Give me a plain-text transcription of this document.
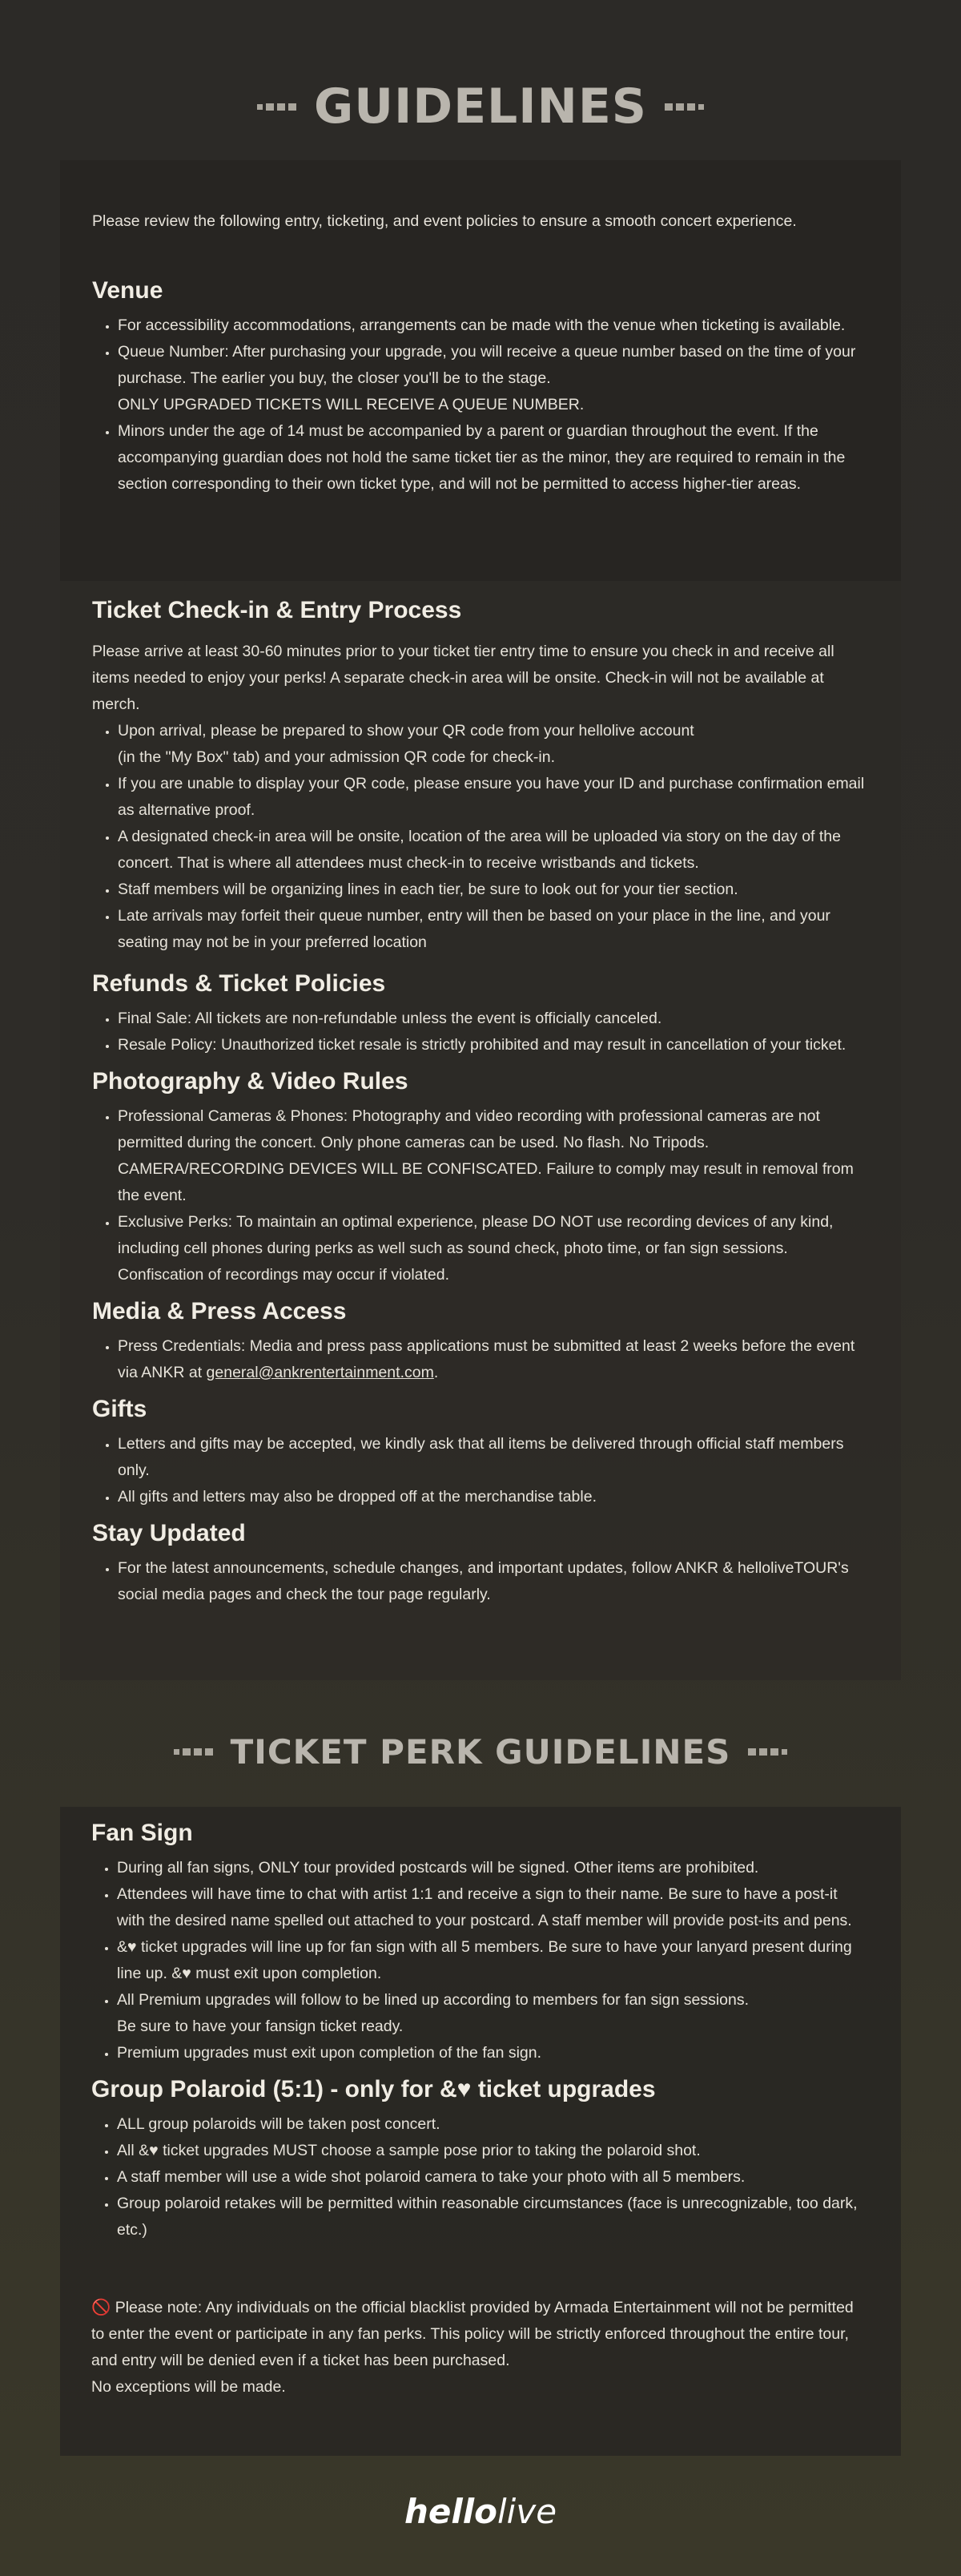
GUIDELINES

Please review the following entry, ticketing, and event policies to ensure a smooth concert experience.

Venue
• For accessibility accommodations, arrangements can be made with the venue when ticketing is available.
• Queue Number: After purchasing your upgrade, you will receive a queue number based on the time of your purchase. The earlier you buy, the closer you'll be to the stage.
ONLY UPGRADED TICKETS WILL RECEIVE A QUEUE NUMBER.
• Minors under the age of 14 must be accompanied by a parent or guardian throughout the event. If the accompanying guardian does not hold the same ticket tier as the minor, they are required to remain in the section corresponding to their own ticket type, and will not be permitted to access higher-tier areas.
Ticket Check-in & Entry Process

Please arrive at least 30-60 minutes prior to your ticket tier entry time to ensure you check in and receive all items needed to enjoy your perks! A separate check-in area will be onsite. Check-in will not be available at merch.

• Upon arrival, please be prepared to show your QR code from your hellolive account
(in the "My Box" tab) and your admission QR code for check-in.
• If you are unable to display your QR code, please ensure you have your ID and purchase confirmation email as alternative proof.
• A designated check-in area will be onsite, location of the area will be uploaded via story on the day of the concert. That is where all attendees must check-in to receive wristbands and tickets.
• Staff members will be organizing lines in each tier, be sure to look out for your tier section.
• Late arrivals may forfeit their queue number, entry will then be based on your place in the line, and your seating may not be in your preferred location
Refunds & Ticket Policies
• Final Sale: All tickets are non-refundable unless the event is officially canceled.
• Resale Policy: Unauthorized ticket resale is strictly prohibited and may result in cancellation of your ticket.
Photography & Video Rules
• Professional Cameras & Phones: Photography and video recording with professional cameras are not permitted during the concert. Only phone cameras can be used. No flash. No Tripods. CAMERA/RECORDING DEVICES WILL BE CONFISCATED. Failure to comply may result in removal from the event.
• Exclusive Perks: To maintain an optimal experience, please DO NOT use recording devices of any kind, including cell phones during perks as well such as sound check, photo time, or fan sign sessions. Confiscation of recordings may occur if violated.
Media & Press Access
• Press Credentials: Media and press pass applications must be submitted at least 2 weeks before the event via ANKR at general@ankrentertainment.com.
Gifts
• Letters and gifts may be accepted, we kindly ask that all items be delivered through official staff members only.
• All gifts and letters may also be dropped off at the merchandise table.
Stay Updated
• For the latest announcements, schedule changes, and important updates, follow ANKR & helloliveTOUR's social media pages and check the tour page regularly.
TICKET PERK GUIDELINES
Fan Sign
• During all fan signs, ONLY tour provided postcards will be signed. Other items are prohibited.
• Attendees will have time to chat with artist 1:1 and receive a sign to their name. Be sure to have a post-it with the desired name spelled out attached to your postcard. A staff member will provide post-its and pens.
• &♥ ticket upgrades will line up for fan sign with all 5 members. Be sure to have your lanyard present during line up. &♥ must exit upon completion.
• All Premium upgrades will follow to be lined up according to members for fan sign sessions.
Be sure to have your fansign ticket ready.
• Premium upgrades must exit upon completion of the fan sign.
Group Polaroid (5:1) - only for &♥ ticket upgrades
• ALL group polaroids will be taken post concert.
• All &♥ ticket upgrades MUST choose a sample pose prior to taking the polaroid shot.
• A staff member will use a wide shot polaroid camera to take your photo with all 5 members.
• Group polaroid retakes will be permitted within reasonable circumstances (face is unrecognizable, too dark, etc.)

🚫 Please note: Any individuals on the official blacklist provided by Armada Entertainment will not be permitted to enter the event or participate in any fan perks. This policy will be strictly enforced throughout the entire tour, and entry will be denied even if a ticket has been purchased.
No exceptions will be made.

hellolive
